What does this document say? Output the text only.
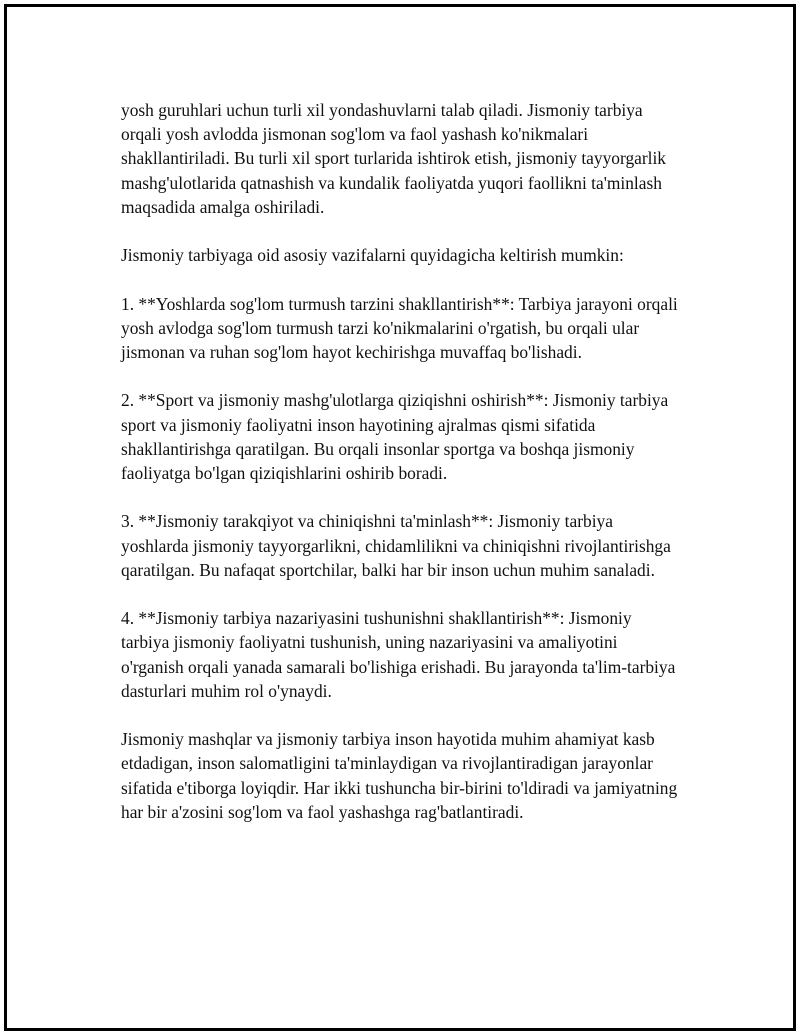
yosh guruhlari uchun turli xil yondashuvlarni talab qiladi. Jismoniy tarbiya orqali yosh avlodda jismonan sog'lom va faol yashash ko'nikmalari shakllantiriladi. Bu turli xil sport turlarida ishtirok etish, jismoniy tayyorgarlik mashg'ulotlarida qatnashish va kundalik faoliyatda yuqori faollikni ta'minlash maqsadida amalga oshiriladi.

Jismoniy tarbiyaga oid asosiy vazifalarni quyidagicha keltirish mumkin:

1. **Yoshlarda sog'lom turmush tarzini shakllantirish**: Tarbiya jarayoni orqali yosh avlodga sog'lom turmush tarzi ko'nikmalarini o'rgatish, bu orqali ular jismonan va ruhan sog'lom hayot kechirishga muvaffaq bo'lishadi.

2. **Sport va jismoniy mashg'ulotlarga qiziqishni oshirish**: Jismoniy tarbiya sport va jismoniy faoliyatni inson hayotining ajralmas qismi sifatida shakllantirishga qaratilgan. Bu orqali insonlar sportga va boshqa jismoniy faoliyatga bo'lgan qiziqishlarini oshirib boradi.

3. **Jismoniy tarakqiyot va chiniqishni ta'minlash**: Jismoniy tarbiya yoshlarda jismoniy tayyorgarlikni, chidamlilikni va chiniqishni rivojlantirishga qaratilgan. Bu nafaqat sportchilar, balki har bir inson uchun muhim sanaladi.

4. **Jismoniy tarbiya nazariyasini tushunishni shakllantirish**: Jismoniy tarbiya jismoniy faoliyatni tushunish, uning nazariyasini va amaliyotini o'rganish orqali yanada samarali bo'lishiga erishadi. Bu jarayonda ta'lim-tarbiya dasturlari muhim rol o'ynaydi.

Jismoniy mashqlar va jismoniy tarbiya inson hayotida muhim ahamiyat kasb etdadigan, inson salomatligini ta'minlaydigan va rivojlantiradigan jarayonlar sifatida e'tiborga loyiqdir. Har ikki tushuncha bir-birini to'ldiradi va jamiyatning har bir a'zosini sog'lom va faol yashashga rag'batlantiradi.
